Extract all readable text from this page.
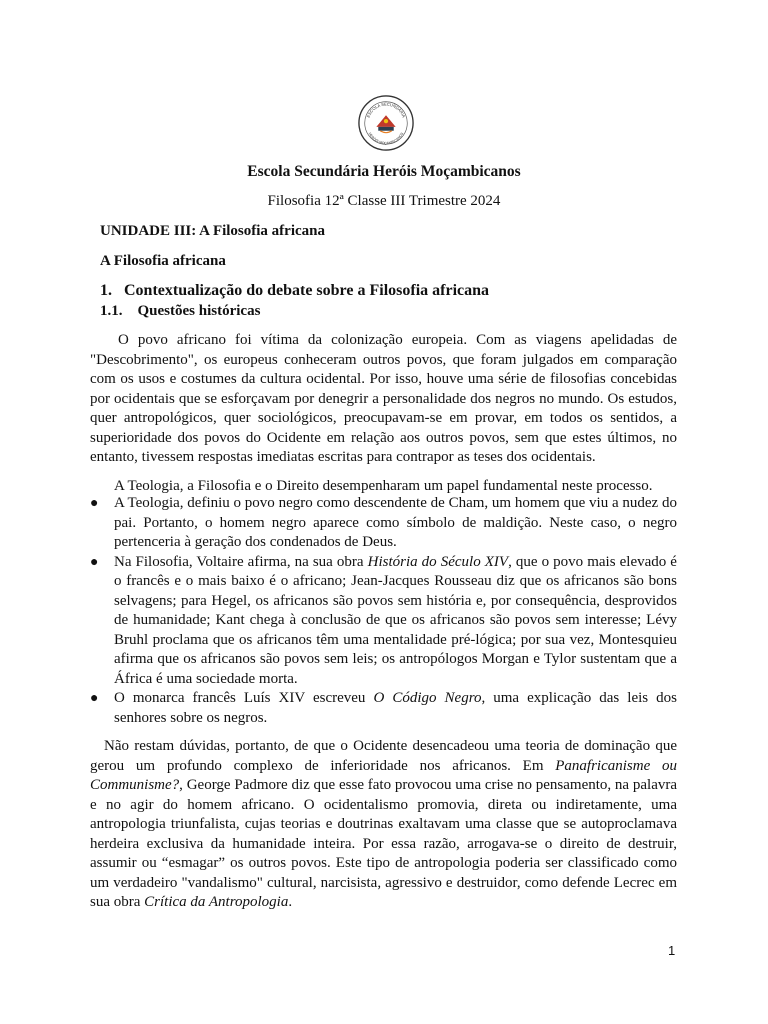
ESCOLA SECUNDÁRIA
HERÓIS MOÇAMBICANOS
Escola Secundária Heróis Moçambicanos
Filosofia 12ª Classe III Trimestre 2024
UNIDADE III: A Filosofia africana
A Filosofia africana
1.   Contextualização do debate sobre a Filosofia africana
1.1.    Questões históricas

O povo africano foi vítima da colonização europeia. Com as viagens apelidadas de "Descobrimento", os europeus conheceram outros povos, que foram julgados em comparação com os usos e costumes da cultura ocidental. Por isso, houve uma série de filosofias concebidas por ocidentais que se esforçavam por denegrir a personalidade dos negros no mundo. Os estudos, quer antropológicos, quer sociológicos, preocupavam-se em provar, em todos os sentidos, a superioridade dos povos do Ocidente em relação aos outros povos, sem que estes últimos, no entanto, tivessem respostas imediatas escritas para contrapor as teses dos ocidentais.

A Teologia, a Filosofia e o Direito desempenharam um papel fundamental neste processo.

● A Teologia, definiu o povo negro como descendente de Cham, um homem que viu a nudez do pai. Portanto, o homem negro aparece como símbolo de maldição. Neste caso, o negro pertenceria à geração dos condenados de Deus.
● Na Filosofia, Voltaire afirma, na sua obra História do Século XIV, que o povo mais elevado é o francês e o mais baixo é o africano; Jean-Jacques Rousseau diz que os africanos são bons selvagens; para Hegel, os africanos são povos sem história e, por consequência, desprovidos de humanidade; Kant chega à conclusão de que os africanos são povos sem interesse; Lévy Bruhl proclama que os africanos têm uma mentalidade pré-lógica; por sua vez, Montesquieu afirma que os africanos são povos sem leis; os antropólogos Morgan e Tylor sustentam que a África é uma sociedade morta.
● O monarca francês Luís XIV escreveu O Código Negro, uma explicação das leis dos senhores sobre os negros.

Não restam dúvidas, portanto, de que o Ocidente desencadeou uma teoria de dominação que gerou um profundo complexo de inferioridade nos africanos. Em Panafricanisme ou Communisme?, George Padmore diz que esse fato provocou uma crise no pensamento, na palavra e no agir do homem africano. O ocidentalismo promovia, direta ou indiretamente, uma antropologia triunfalista, cujas teorias e doutrinas exaltavam uma classe que se autoproclamava herdeira exclusiva da humanidade inteira. Por essa razão, arrogava-se o direito de destruir, assumir ou “esmagar” os outros povos. Este tipo de antropologia poderia ser classificado como um verdadeiro "vandalismo" cultural, narcisista, agressivo e destruidor, como defende Lecrec em sua obra Crítica da Antropologia.

1
